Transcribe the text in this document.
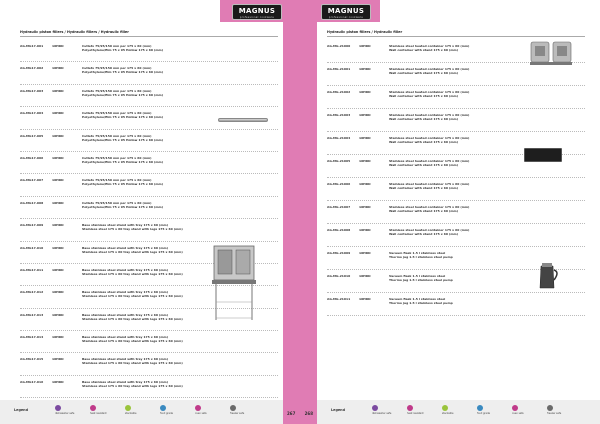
MAGNUS
professional cookware
Hydraulic piston fillers / Hydraulic fillers / Hydraulic filler
AG-MG17-001	10HDD	Cutlets 75/95/150 mm per 175 x 60 (mm)
Polyethylene/film 75 x 95 Hollow 175 x 60 (mm)
AG-MG17-002	10HDD	Cutlets 75/95/150 mm per 175 x 60 (mm)
Polyethylene/film 75 x 95 Hollow 175 x 60 (mm)
AG-MG17-003	10HDD	Cutlets 75/95/150 mm per 175 x 60 (mm)
Polyethylene/film 75 x 95 Hollow 175 x 60 (mm)
AG-MG17-004	10HDD	Cutlets 75/95/150 mm per 175 x 60 (mm)
Polyethylene/film 75 x 95 Hollow 175 x 60 (mm)
AG-MG17-005	10HDD	Cutlets 75/95/150 mm per 175 x 60 (mm)
Polyethylene/film 75 x 95 Hollow 175 x 60 (mm)
AG-MG17-006	10HDD	Cutlets 75/95/150 mm per 175 x 60 (mm)
Polyethylene/film 75 x 95 Hollow 175 x 60 (mm)
AG-MG17-007	10HDD	Cutlets 75/95/150 mm per 175 x 60 (mm)
Polyethylene/film 75 x 95 Hollow 175 x 60 (mm)
AG-MG17-008	10HDD	Cutlets 75/95/150 mm per 175 x 60 (mm)
Polyethylene/film 75 x 95 Hollow 175 x 60 (mm)
AG-MG17-009	10HDD	Base stainless steel stand with tray 175 x 60 (mm)
Stainless steel 175 x 60 tray stand with legs 175 x 60 (mm)
AG-MG17-010	10HDD	Base stainless steel stand with tray 175 x 60 (mm)
Stainless steel 175 x 60 tray stand with legs 175 x 60 (mm)
AG-MG17-011	10HDD	Base stainless steel stand with tray 175 x 60 (mm)
Stainless steel 175 x 60 tray stand with legs 175 x 60 (mm)
AG-MG17-012	10HDD	Base stainless steel stand with tray 175 x 60 (mm)
Stainless steel 175 x 60 tray stand with legs 175 x 60 (mm)
AG-MG17-013	10HDD	Base stainless steel stand with tray 175 x 60 (mm)
Stainless steel 175 x 60 tray stand with legs 175 x 60 (mm)
AG-MG17-014	10HDD	Base stainless steel stand with tray 175 x 60 (mm)
Stainless steel 175 x 60 tray stand with legs 175 x 60 (mm)
AG-MG17-015	10HDD	Base stainless steel stand with tray 175 x 60 (mm)
Stainless steel 175 x 60 tray stand with legs 175 x 60 (mm)
AG-MG17-016	10HDD	Base stainless steel stand with tray 175 x 60 (mm)
Stainless steel 175 x 60 tray stand with legs 175 x 60 (mm)
Legend
dishwasher safe	heat resistant	stackable	food grade	oven safe	freezer safe	267 268
MAGNUS
professional cookware
Hydraulic piston fillers / Hydraulic filler
AG-MG-21000	10HDD	Stainless steel heated container 175 x 60 (mm)
Wall container with stand 175 x 60 (mm)
AG-MG-21001	10HDD	Stainless steel heated container 175 x 60 (mm)
Wall container with stand 175 x 60 (mm)
AG-MG-21002	10HDD	Stainless steel heated container 175 x 60 (mm)
Wall container with stand 175 x 60 (mm)
AG-MG-21003	10HDD	Stainless steel heated container 175 x 60 (mm)
Wall container with stand 175 x 60 (mm)
AG-MG-21004	10HDD	Stainless steel heated container 175 x 60 (mm)
Wall container with stand 175 x 60 (mm)
AG-MG-21005	10HDD	Stainless steel heated container 175 x 60 (mm)
Wall container with stand 175 x 60 (mm)
AG-MG-21006	10HDD	Stainless steel heated container 175 x 60 (mm)
Wall container with stand 175 x 60 (mm)
AG-MG-21007	10HDD	Stainless steel heated container 175 x 60 (mm)
Wall container with stand 175 x 60 (mm)
AG-MG-21008	10HDD	Stainless steel heated container 175 x 60 (mm)
Wall container with stand 175 x 60 (mm)
AG-MG-21009	10HDD	Vacuum flask 1.5 l stainless steel
Thermo jug 1.5 l stainless steel pump
AG-MG-21010	10HDD	Vacuum flask 1.5 l stainless steel
Thermo jug 1.5 l stainless steel pump
AG-MG-21011	10HDD	Vacuum flask 1.5 l stainless steel
Thermo jug 1.5 l stainless steel pump
Legend
dishwasher safe	heat resistant	stackable	food grade	oven safe	freezer safe
